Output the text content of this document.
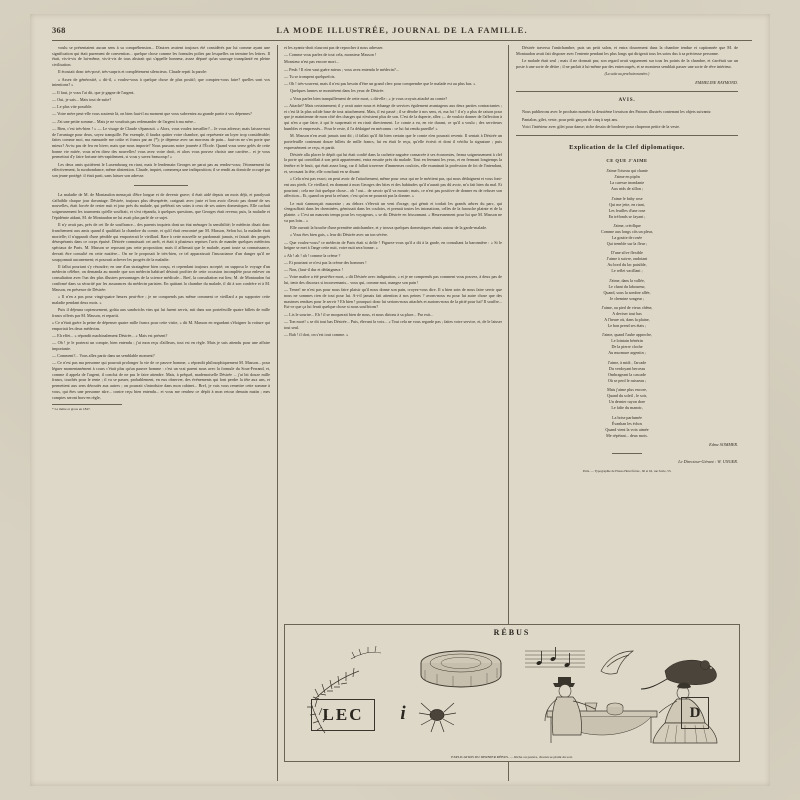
368	LA MODE ILLUSTRÉE, JOURNAL DE LA FAMILLE.

voulu se présentaient aucun sens à sa compréhension... D'autres avaient toujours été considérés par lui comme ayant une signification qui était purement de convention... quelque chose comme les formules polies par lesquelles on termine les lettres. Il était, vis-à-vis de lui-même, vis-à-vis de tous abstrait qui s'appelle honneur, assez déparé qu'un sauvage transplanté en pleine civilisation.

Il écoutait donc très-posé, très-surpris et complétement silencieux. Claude reprit la parole:

« Assez de générosité, » dit-il, « voulez-vous à quelque chose de plus positif; que comptez-vous faire? quelles sont vos intentions? »

— Il faut, je vous l'ai dit, que je gagne de l'argent.

— Oui, je sais... Mais tout de suite?

— Le plus vite possible.

— Votre mère peut-elle vous soutenir là, on bien faut-il au moment que vous subveniez au grande partie à vos dépenses?

— J'ai une petite somme... Mais je ne voudrais pas redemander de l'argent à ma mère...

— Bien, c'est très-bien ! » — Le visage de Claude s'épanouit. « Alors, vous voulez travailler?... Je vous adresse; mais laissez-moi de l'avantage pour deux, soyez tranquille. Par exemple, il faudra quitter votre chambre, qui représente un loyer trop considérable; faites comme moi, ma mansarde me coûte et francs par an (*); je dépense avec un morceau de pain... faut-on ne s'en porte que mieux? As-tu pas de feu en hiver; mais que nous importe? Nous passons notre journée à l'École. Quand vous serez gelés de cette bonne vie mitée, vous m'en direz des nouvelles! vous avez votre droit, et alors vous pouvez choisir une carrière... et je vous permettrai d'y faire fortune très-rapidement, si vous y savez beaucoup! »

Les deux amis quittèrent le Luxembourg en riant, mais le lendemain Georges ne parut pas au rendez-vous; l'étonnement fut effectivement, la surabondance, même abstention. Claude, inquiet, commença une indisposition; il se rendit au domicile occupé par son jeune protégé: il était parti, sans laisser son adresse.

La maladie de M. de Montaudon menaçait d'être longue et de devenir grave; il était aidé depuis un mois déjà, et paralysait s'affaiblir chaque jour davantage. Désirée, toujours plus désespérée, craignait avec juste et bon avoir d'avoir pas donné de ses nouvelles, était forcée de rester nuit et jour près du malade, qui préférait ses soins à ceux de ses autres domestiques. Elle cachait soigneusement les tourments qu'elle souffrait, et s'est répandu, à quelques questions, que Georges était revenu; puis, la maladie et l'épidémie aidant, M. de Montaudon ne lui avait plus parlé de ce sujet.

Il n'y avait pas, près de cet île de souffrance... des parents inquiets dont un état ménager la sensibilité; le médecin disait donc franchement aux amis quand il qualifiait la chambre du comte, et qu'il était rencontré par M. Masson, Selon lui, la maladie était mortelle; il n'apparaît d'une pénible qui emporterait le vieillard. Rare à cette nouvelle se pardonnait jamais, et faisait des progrès désespérants dans ce corps épuisé. Désirée connaissait cet arrêt, et était à plusieurs reprises l'avis de mander quelques médecins spéciaux de Paris. M. Masson se reposant pas cette proposition; mais il affirmait que le malade, ayant toute sa connaissance, devrait être consulté en cette matière... On ne le proposait le très-bien, ce tel apparaissait l'insouciance d'un danger qu'il ne soupçonnait aucunement; et pourrait achever les progrès de la maladie.

Il fallut pourtant s'y résoudre; en une d'un stratagème bien conçu, et cependant toujours accepté; on supposa le voyage d'un médecin célèbre, on demanda au monde que son médecin habituel désirait profiter de cette occasion incomplète pour enlever on consultation avec l'un des plus illustres personnages de la science médicale... Bref, la consultation eut lieu; M. de Montaudon fut confirmé dans sa sécurité par les assurances du médecin parisien. En quittant la chambre du malade, il dit à son confrère et à M. Masson, en présence de Désirée:

« Il n'en a pas pour vingt-quatre heures peut-être ; je ne comprends pas même comment ce vieillard a pu supporter cette maladie pendant deux mois. »

Puis il déjeuna copieusement, goûta aux sandwichs vins qui lui furent servis, mit dans son portefeuille quatre billets de mille francs offerts par M. Masson, et repartit.

« Ce n'était guère la peine de dépenser quatre mille francs pour cette visite, » dit M. Masson en regardant s'éloigner la voiture qui emportait les deux médecins.

— Eh effet... » répondit machinalement Désirée... « Mais est présent?

— Oh ! je le porterai un compte, bien entendu ; j'ai mon reçu d'ailleurs, tout est en règle. Mais je suis attendu pour une affaire importante.

— Comment?... Vous allez partir dans un semblable moment?

— Ce n'est pas ma personne qui pourrait prolonger la vie de ce pauvre homme, » répondit philosophiquement M. Masson... pour léguer momentanément à cours c'était plus qu'un pauvre homme : c'est un vrai parent nous avec la formule du Sous-Ferrand, et, comme il appela de l'argent, il conclut de ne pas le faire attendre. Mais, à prêquel, mademoiselle Désirée ... j'ai bit douze mille francs, touchés pour le rente ; il va se passer, probablement, en eux observer, des événements qui font perdre la tête aux uns, et permettent aux sens déroutés aux autres ; on pourrait s'introduire dans mon cabinet... Bref, je vais vous remettre cette somme à vous, qui êtes une personne sûre... contre reçu bien entendu... et vous me rendrez ce dépôt à mon retour demain matin ; mes comptes seront hors-en règle,

* Le mètre et gross en 1847.

et les ayants-droit n'auront pas de reprocher à nous adresser.

— Comme vous parlez de tout cela, monsieur Masson !

Monsieur n'est pas encore mort...

— Peuh ! Il n'en vaut guère mieux ; vous avez entendu le médecin?...

— Tu se trompent quelquefois.

— Oh ! très-souvent, mais il n'est pas besoin d'être un grand clerc pour comprendre que le malade est au plus bas. »

Quelques larmes se montrèrent dans les yeux de Désirée.

« Vous parlez bien tranquillement de cette mort, » dit-elle ; « je vous croyais attaché au comte?

— Attaché? Mais certainement; il y avait autre nous et échange de services également avantageux aux deux parties contractantes ; et c'est là la plus solide base de tout attachement. Mais, il est passé ; il se dérobe à nos sens, et, ma foi ! il n'y a plus de raison pour que je maintienne de mon côté des charges qui n'existent plus de son. C'est de la duperie, allez ;... de vouloir donner de l'affection à qui n'en a que faire, à qui le surprenait et en rirait directement. Le comte a eu, en vie durant, ce qu'il a voulu ; des serviteurs humbles et empressés... Pour le reste, il l'a dédaigné en méconnu : ce lui fut rendu pareille! »

M. Masson n'en avait jamais tant dit ; il fallait qu'il fût bien certain que le comte n'en pourrait revenir. Il sentait à Désirée un portefeuille contenant douze billets de mille francs, lui en était le reçu, qu'elle écrivit et dont il vérifia la signature ; puis expressément ce reçu, et partit.

Désirée alla placer le dépôt qui lui était confié dans la cachette naguère consacrée à ses économies, ferma soigneusement à clef la porte qui contrôlait à son petit appartement, entra ensuite près du malade. Tout en fermant les yeux, et en fermant longtemps la fenêtre et le bruit, qui était assez long, car il fallait traverser d'immenses couloirs, elle examinait la profession de foi de l'intendant, et, secouant la tête, elle concluait en se disant:

« Cela n'est pas exact; on peut avoir de l'attachement, même pour ceux qui ne le méritent pas, qui nous dédaignent et vous font-ent aux pieds. Ce vieillard, en donnant à mon Georges des bites et des habitudes qu'il n'aurait pas dû avoir, m'a fait bien du mal. Et pourtant ; cela me fait quelque chose... oh ! oui... de savoir qu'il va mourir; mais, ce n'est pas positive de donner eu de refuser son affection... Et, quand on peut la refuser, c'est qu'on ne pourrait pas la donner. »

Le nuit s'annonçait mauvaise ; au dehors s'élevait un vent d'orage, qui gémit et tordait les grands arbres du parc, qui s'engouffrait dans les cheminées, gémissait dans les couloirs, et prenait toutes les intonations, celles de la farouche plainte et de la plainte. « C'est un mauvais temps pour les voyageurs, » se dit Désirée en frissonnant. « Heureusement pour lui que M. Masson ne va pas loin... »

Elle ouvrait la bouche d'une première antichambre, et y trouva quelques domestiques réunis autour de la garde-malade.

« Vous êtes bien gais, » leur dit Désirée avec un ton sévère.

— Que voulez-vous? ce médecin de Paris était si drôle ! Figurez-vous qu'il a dit à la garde, en consultant la baronnière : « Si le beigne se met à l'ange cette nuit, votre nuit sera bonne. »

« Ah ! ah ! ah ! comme la crème ?

— Et pourtant ce n'est pas la crème des hommes !

— Non, (faut-il dur et dédaigneux !

— Votre maître a été peut-être mort, « dit Désirée avec indignation, « et je ne comprends pas comment vous pouvez, à deux pas de lui, tenir des discours si inconvenants... vous qui, comme moi, mangez son pain !

— Tenez! ne n'est pas pour nous faire plaisir qu'il nous donne son pain, croyez-vous dire. Il a bien soin de nous faire servir que nous ne sommes rien de tout pour lui. A-t-il jamais fait attention à nos peines ? avons-nous eu pour lui autre chose que des maximes rendues pour le servir ? Eh bien ! pourquoi donc lui serions-nous attachés et aurions-nous de la pitié pour lui? Il souffre... Est-ce que ça lui ferait quelque chose si nous souffrions?

— Lis le sourire... Eh ! il se moquerait bien de nous, et nous dirions à sa place... Par exit...

— Ton mort! » se dit tout bas Désirée... Puis, élevant la voix... « Tout cela ne vous regarde pas ; faites votre service, et, de le laisser tout seul.

— Bah ! il dort, on s'est tout comme. »

Désirée traversa l'antichambre, puis un petit salon, et entra doucement dans la chambre tendue et capitonnée que M. de Montaudon avait fait disposer avec l'entente pendant les plus longs qui dirigeait tous les soins dus à sa précieuse personne.

Le malade était seul ; mais il ne dormait pas; son regard avait vaguement sur tous les points de la chambre, et s'arrêtait sur un poste à une sorte de détire ; il ne parlait à lui-même par des entrecoupés, et se montrera semblait passer une sorte de rêve intérieur.

(La suite au prochain numéro.)

EMMELINE RAYMOND.
AVIS.

Nous publierons avec le prochain numéro la deuxième livraison des Patrons illustrés contenant les objets suivants:

Pantalon, gilet, veste, pour petit garçon de cinq à sept ans.

Voici l'intérieur avec gilet pour danse; riche dessin de broderie pour chaperon petite de la veste.

Explication de la Clef diplomatique.
CE QUE J'AIME
J'aime l'oiseau qui chante
J'aime en pipôn
La caresse inondante
Aux nids de sillon ;
J'aime le baby rose
Qui me jette, en riant,
Les feuilles d'une rose
En tréfonds se fayant ;
J'aime, créolîque
Comme aux longs ciïs un pleur,
La goutte de rosée
Qui tremble sur la fleur ;
D'une silve flexible
J'aime à suivre, ondoiant
Au bord du lac paisible,
Le reflet vacillant ;
J'aime, dans la vallée,
Le chant du laboureur,
Quand, sous la sombre allée,
Je chemine songeur ;
J'aime, au pied de vieux chêne,
A deviser tout bas
A l'heure où, dans la plaine,
Le bon prend ses états ;
J'aime, quand l'aube approche,
Le lointain bénézin
De la pierre cloche
Au murmure argentin ;
J'aime, à midi , l'arcade
Du verdoyant berceau
Ombrageant la cascade
Où se perd le ruisseau ;
Mais j'aime plus encore,
Quand du soleil , le soir,
Un dernier rayon dore
Le faîte du manoir,
La brise parfumée
Évanhan les échos
Quand vient la voix aimée
Me répétant... deux mots.
Edme SOMMER.
Le Directeur-Gérant : W. UNGER.
Paris. — Typographie de Plusso Hotel frères , 60 et 62, rue Savie, 53.
RÉBUS
LEC	i	D
EXPLICATION DU DERNIER RÉBUS. — Riche ou pauvre, chacun se plaint du sort.
